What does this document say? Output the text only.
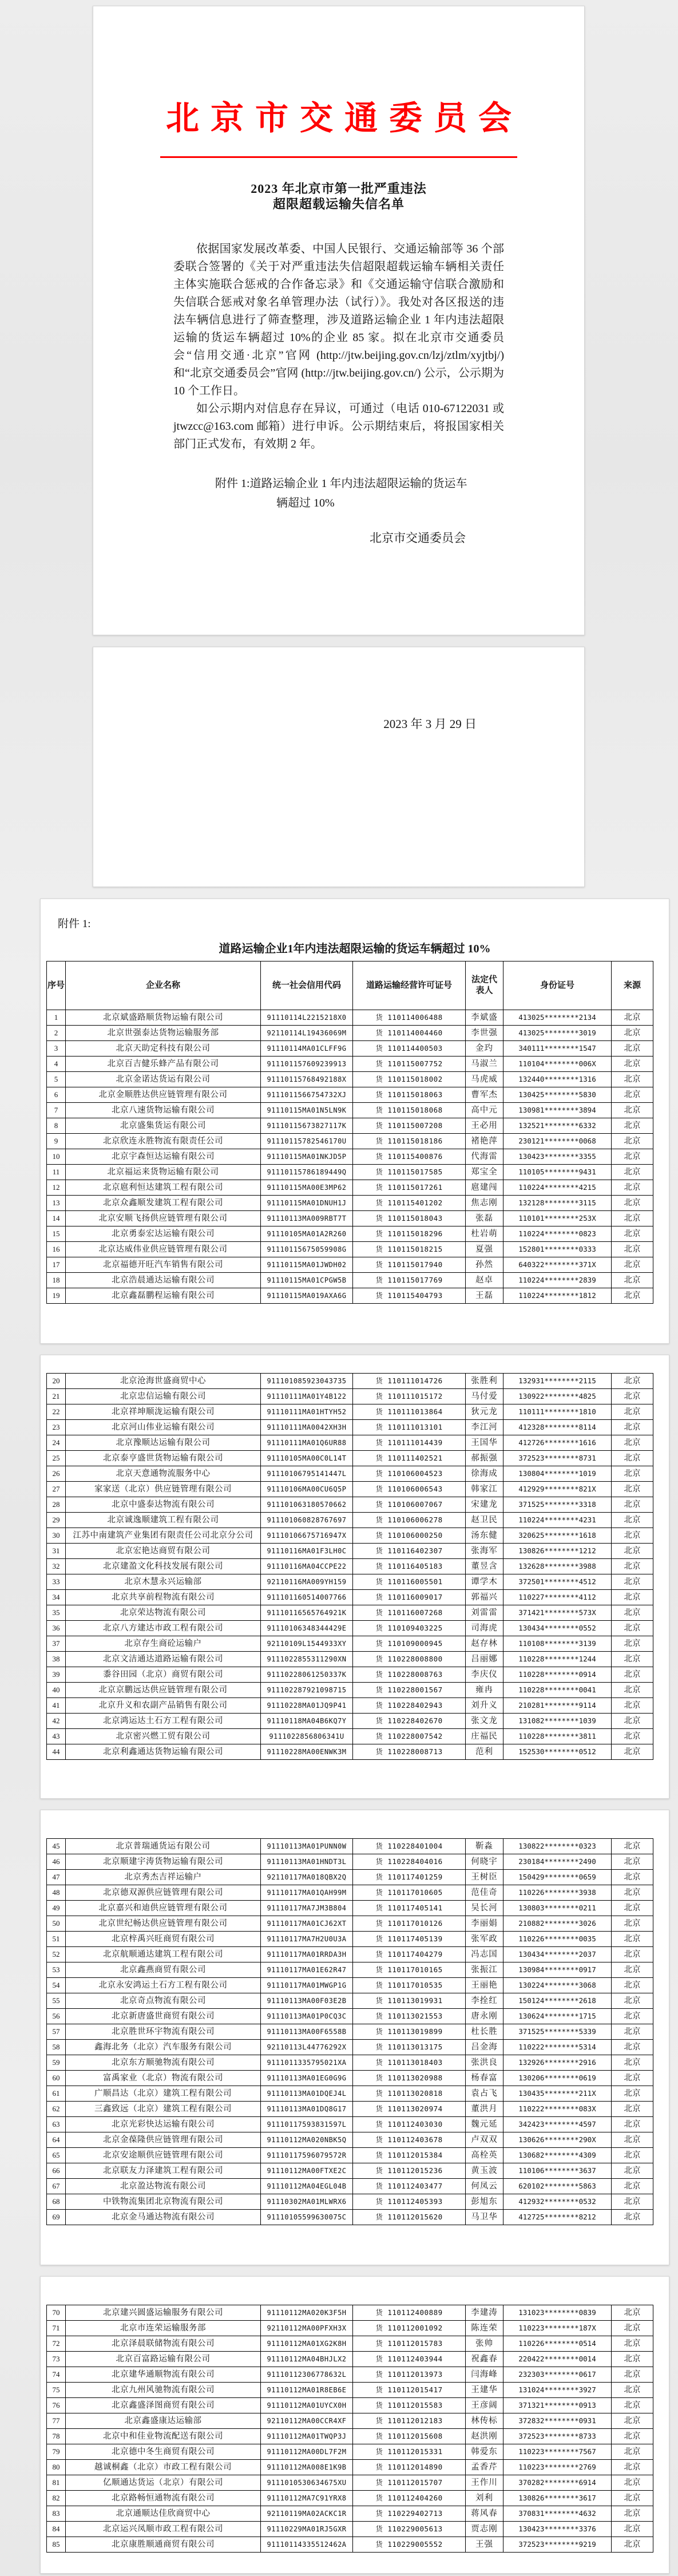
北京市交通委员会
2023 年北京市第一批严重违法
超限超载运输失信名单

依据国家发展改革委、中国人民银行、交通运输部等 36 个部委联合签署的《关于对严重违法失信超限超载运输车辆相关责任主体实施联合惩戒的合作备忘录》和《交通运输守信联合激励和失信联合惩戒对象名单管理办法（试行）》。我处对各区报送的违法车辆信息进行了筛查整理，涉及道路运输企业 1 年内违法超限运输的货运车辆超过 10%的企业 85 家。拟在北京市交通委员会“信用交通·北京”官网 (http://jtw.beijing.gov.cn/lzj/ztlm/xyjtbj/) 和“北京交通委员会”官网 (http://jtw.beijing.gov.cn/) 公示，公示期为 10 个工作日。

如公示期内对信息存在异议，可通过（电话 010-67122031 或 jtwzcc@163.com 邮箱）进行申诉。公示期结束后，将报国家相关部门正式发布，有效期 2 年。

附件 1:道路运输企业 1 年内违法超限运输的货运车
辆超过 10%
北京市交通委员会
2023 年 3 月 29 日
附件 1:
道路运输企业1年内违法超限运输的货运车辆超过 10%
序号	企业名称	统一社会信用代码	道路运输经营许可证号	法定代表人	身份证号	来源
1	北京斌盛路顺货物运输有限公司	91110114L2215218X0	货 110114006488	李斌盛	413025********2134	北京
2	北京世强泰达货物运输服务部	92110114L19436069M	货 110114004460	李世强	413025********3019	北京
3	北京天助定科技有限公司	91110114MA01CLFF9G	货 110114400503	金玓	340111********1547	北京
4	北京百吉健乐蜂产品有限公司	911101157609239913	货 110115007752	马淑兰	110104********006X	北京
5	北京金诺达货运有限公司	91110115768492188X	货 110115018002	马虎威	132440********1316	北京
6	北京金顺胜达供应链管理有限公司	9111011566754732XJ	货 110115018063	曹军杰	130425********5830	北京
7	北京八速货物运输有限公司	91110115MA01N5LN9K	货 110115018068	高中元	130981********3894	北京
8	北京盛集货运有限公司	91110115673827117K	货 110115007208	王必用	132521********6332	北京
9	北京欣连永胜物流有限责任公司	91110115782546170U	货 110115018186	褚艳萍	230121********0068	北京
10	北京宇森恒达运输有限公司	91110115MA01NKJD5P	货 110115400876	代海雷	130423********3355	北京
11	北京福运来货物运输有限公司	91110115786189449Q	货 110115017585	郑宝全	110105********9431	北京
12	北京扈利恒达建筑工程有限公司	91110115MA00E3MP62	货 110115017261	扈建闯	110224********4215	北京
13	北京众鑫顺发建筑工程有限公司	91110115MA01DNUH1J	货 110115401202	焦志刚	132128********3115	北京
14	北京安顺飞扬供应链管理有限公司	91110113MA009RBT7T	货 110115018043	张磊	110101********253X	北京
15	北京勇泰宏达运输有限公司	91110105MA01A2R260	货 110115018296	杜岩萌	110224********0823	北京
16	北京达威伟业供应链管理有限公司	91110115675059908G	货 110115018215	夏强	152801********0333	北京
17	北京福德开旺汽车销售有限公司	91110115MA01JWDH02	货 110115017940	孙然	640322********371X	北京
18	北京浩晨通达运输有限公司	91110115MA01CPGW5B	货 110115017769	赵卓	110224********2839	北京
19	北京鑫磊鹏程运输有限公司	91110115MA019AXA6G	货 110115404793	王磊	110224********1812	北京
20	北京沧海世盛商贸中心	911101085923043735	货 110111014726	张胜利	132931********2115	北京
21	北京忠信运输有限公司	91110111MA01Y4B122	货 110111015172	马付爱	130922********4825	北京
22	北京祥坤顺泷运输有限公司	91110111MA01HTYH52	货 110111013864	狄元龙	110111********1810	北京
23	北京河山伟业运输有限公司	91110111MA0042XH3H	货 110111013101	李江河	412328********8114	北京
24	北京豫顺达运输有限公司	91110111MA01Q6UR88	货 110111014439	王国华	412726********1616	北京
25	北京泰亨盛世货物运输有限公司	91110105MA00C0L14T	货 110111402521	郝振强	372523********8731	北京
26	北京天意通物流服务中心	91110106795141447L	货 110106004523	徐海成	130804********1019	北京
27	家家送（北京）供应链管理有限公司	91110106MA00CU6Q5P	货 110106006543	韩家江	412929********821X	北京
28	北京中盛泰达物流有限公司	911101063180570662	货 110106007067	宋建龙	371525********3318	北京
29	北京诚逸顺建筑工程有限公司	911101060828767697	货 110106006278	赵卫民	110224********4231	北京
30	江苏中南建筑产业集团有限责任公司北京分公司	91110106675716947X	货 110106000250	汤东健	320625********1618	北京
31	北京宏艳达商贸有限公司	91110116MA01F3LH0C	货 110116402307	张海军	130826********1212	北京
32	北京建盈文化科技发展有限公司	91110116MA04CCPE22	货 110116405183	董昱含	132628********3988	北京
33	北京木慧永兴运输部	92110116MA009YH159	货 110116005501	谭学木	372501********4512	北京
34	北京共享前程物流有限公司	911101160514007766	货 110116009017	郭福兴	110227********4112	北京
35	北京荣达物流有限公司	91110116565764921K	货 110116007268	刘雷雷	371421********573X	北京
36	北京八方建达市政工程有限公司	91110106348344429E	货 110109403225	司海虎	130434********0552	北京
37	北京存生商砼运输户	92110109L1544933XY	货 110109000945	赵存林	110108********3139	北京
38	北京文洁通达道路运输有限公司	9111022855311290XN	货 110228008800	吕丽娜	110228********1244	北京
39	黍谷田园（北京）商贸有限公司	91110228061250337K	货 110228008763	李庆仪	110228********0914	北京
40	北京京鹏远达供应链管理有限公司	911102287921098715	货 110228001567	雍冉	110228********0041	北京
41	北京升义和农副产品销售有限公司	91110228MA01JQ9P41	货 110228402943	刘升义	210281********9114	北京
42	北京鸿运达土石方工程有限公司	91110118MA04B6KQ7Y	货 110228402670	张文龙	131082********1039	北京
43	北京密兴燃工贸有限公司	9111022856806341U	货 110228007542	庄福民	110228********3811	北京
44	北京利鑫通达货物运输有限公司	91110228MA00ENWK3M	货 110228008713	范利	152530********0512	北京
45	北京普瑞通货运有限公司	91110113MA01PUNN0W	货 110228401004	靳淼	130822********0323	北京
46	北京顺建宇涛货物运输有限公司	91110113MA01HNDT3L	货 110228404016	何晓宇	230184********2490	北京
47	北京秀杰吉祥运输户	92110117MA018QBX2Q	货 110117401259	王树臣	150429********0659	北京
48	北京德双源供应链管理有限公司	91110117MA01QAH99M	货 110117010605	范佳奇	110226********3938	北京
49	北京嘉兴和迪供应链管理有限公司	91110117MA7JM3B804	货 110117405141	吴长河	130803********0211	北京
50	北京世纪畅达供应链管理有限公司	91110117MA01CJ62XT	货 110117010126	李丽娟	210882********3026	北京
51	北京梓禹兴旺商贸有限公司	91110117MA7H2U0U3A	货 110117405139	张军政	110226********0035	北京
52	北京航顺通达建筑工程有限公司	91110117MA01RRDA3H	货 110117404279	冯志国	130434********2037	北京
53	北京鑫燕商贸有限公司	91110117MA01E62R47	货 110117010165	张振江	130984********0917	北京
54	北京永安鸿运土石方工程有限公司	91110117MA01MWGP1G	货 110117010535	王丽艳	130224********3068	北京
55	北京奇点物流有限公司	91110113MA00F03E2B	货 110113019931	李拴红	150124********2618	北京
56	北京新唐盛世商贸有限公司	91110113MA01P0CQ3C	货 110113021553	唐永刚	130624********1715	北京
57	北京胜世环宇物流有限公司	91110113MA00F6558B	货 110113019899	杜长胜	371525********5339	北京
58	鑫海北务（北京）汽车服务有限公司	92110113L44776292X	货 110113013175	吕金海	110222********5314	北京
59	北京东方顺驰物流有限公司	9111011335795021XA	货 110113018403	张洪良	132926********2916	北京
60	富禹家业（北京）物流有限公司	91110113MA01EG0G9G	货 110113020988	杨春富	130206********0619	北京
61	广顺昌达（北京）建筑工程有限公司	91110113MA01DQEJ4L	货 110113020818	袁占飞	130435********211X	北京
62	三鑫致远（北京）建筑工程有限公司	91110113MA01DQ8G17	货 110113020974	董洪月	110222********083X	北京
63	北京光彩快达运输有限公司	91110117593831597L	货 110112403030	魏元延	342423********4597	北京
64	北京金葆隆供应链管理有限公司	91110112MA020NBK5Q	货 110112403678	卢双双	130626********290X	北京
65	北京安途顺供应链管理有限公司	91110117596079572R	货 110112015384	高栓英	130682********4309	北京
66	北京联友力泽建筑工程有限公司	91110112MA00FTXE2C	货 110112015236	黄玉波	110106********3637	北京
67	北京盈达物流有限公司	91110112MA04EGL04B	货 110112403477	何凤云	620102********5863	北京
68	中铁物流集团北京物流有限公司	91110302MA01MLWRX6	货 110112405393	彭旭东	412932********0532	北京
69	北京金马通达物流有限公司	91110105599630075C	货 110112015620	马卫华	412725********8212	北京
70	北京建兴圆盛运输服务有限公司	91110112MA020K3F5H	货 110112400889	李建涛	131023********0839	北京
71	北京市连荣运输服务部	92110112MA00PFXH3X	货 110112001092	陈连荣	110223********187X	北京
72	北京泽晨联储物流有限公司	91110112MA01XG2K8H	货 110112015783	张帅	110226********0514	北京
73	北京百富路运输有限公司	91110112MA04BHJLX2	货 110112403944	祝鑫春	220422********0014	北京
74	北京建华通顺物流有限公司	91110112306778632L	货 110112013973	闫海峰	232303********0617	北京
75	北京九州风驰物流有限公司	91110112MA01R8EB6E	货 110112015417	王建华	131024********3927	北京
76	北京鑫盛泽图商贸有限公司	91110112MA01UYCX0H	货 110112015583	王彦阔	371321********0913	北京
77	北京鑫盛康达运输部	92110112MA00CCR4XF	货 110112012183	林传标	372832********0931	北京
78	北京中和佳业物流配送有限公司	91110112MA01TWQP3J	货 110112015608	赵洪刚	372523********8733	北京
79	北京德中冬生商贸有限公司	91110112MA00DL7F2M	货 110112015331	韩爱东	110223********7567	北京
80	越诚桐鑫（北京）市政工程有限公司	91110112MA008E1K9B	货 110112014890	孟香芹	110223********2769	北京
81	亿顺通达货运（北京）有限公司	9111010530634675XU	货 110112015707	王作川	370282********6914	北京
82	北京路畅恒通物流有限公司	91110112MA7C91YRX8	货 110112404260	刘利	130826********3617	北京
83	北京通顺达佳欣商贸中心	92110119MA02ACKC1R	货 110229402713	蒋风春	370831********4632	北京
84	北京运兴凤顺市政工程有限公司	91110229MA01RJ5GXR	货 110229005613	贾志刚	130423********3376	北京
85	北京康胜顺通商贸有限公司	91110114335512462A	货 110229005552	王强	372523********9219	北京
